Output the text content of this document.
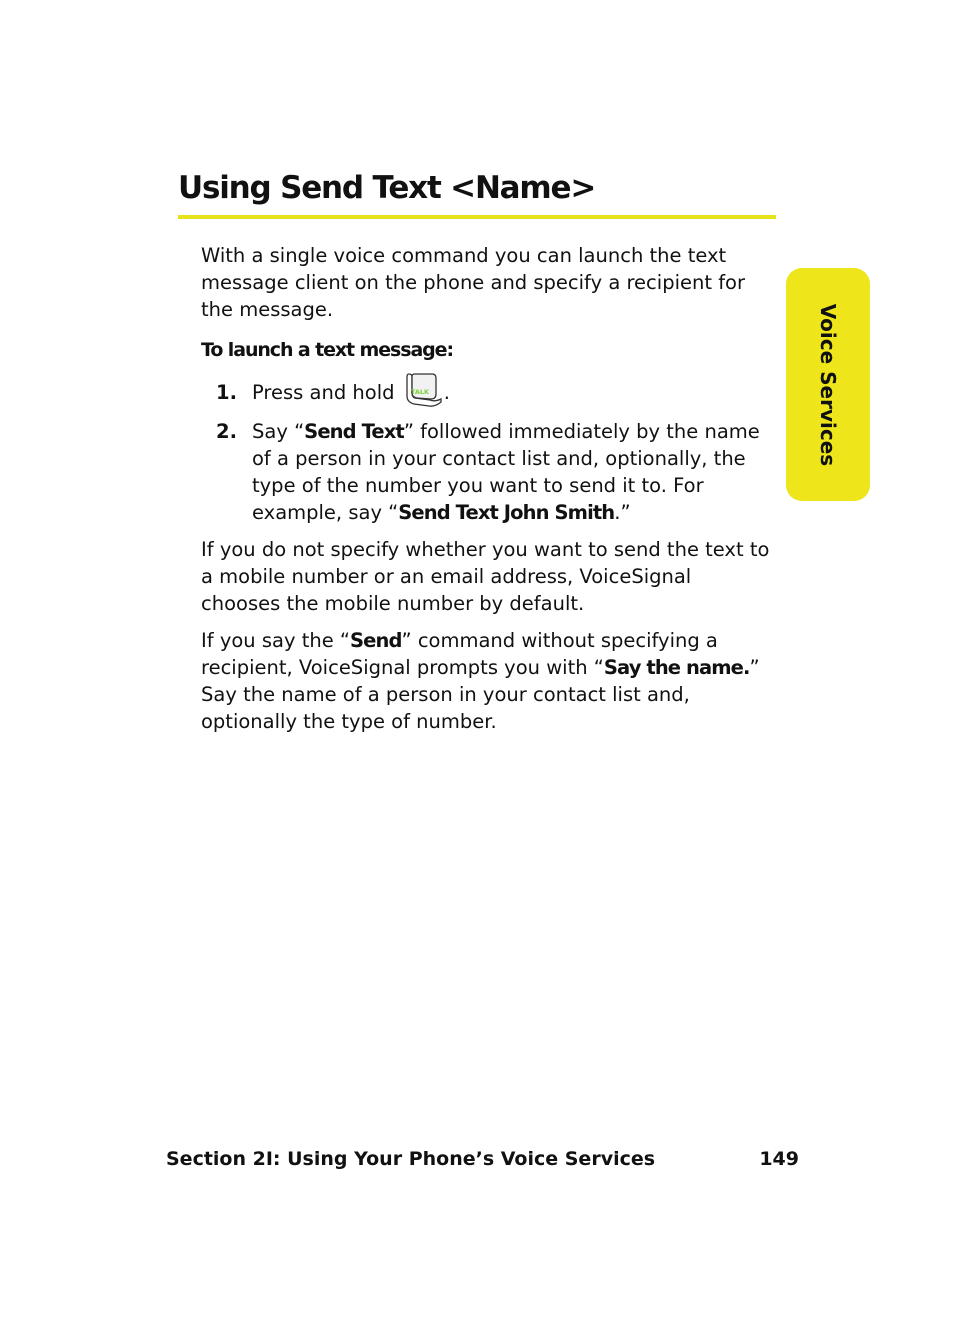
Using Send Text <Name>
Voice Services

With a single voice command you can launch the text message client on the phone and specify a recipient for the message.

To launch a text message:

1. Press and hold TALK .
2. Say “Send Text” followed immediately by the name of a person in your contact list and, optionally, the type of the number you want to send it to. For example, say “Send Text John Smith.”

If you do not specify whether you want to send the text to a mobile number or an email address, VoiceSignal chooses the mobile number by default.

If you say the “Send” command without specifying a recipient, VoiceSignal prompts you with “Say the name.” Say the name of a person in your contact list and, optionally the type of number.

Section 2I: Using Your Phone’s Voice Services	149
